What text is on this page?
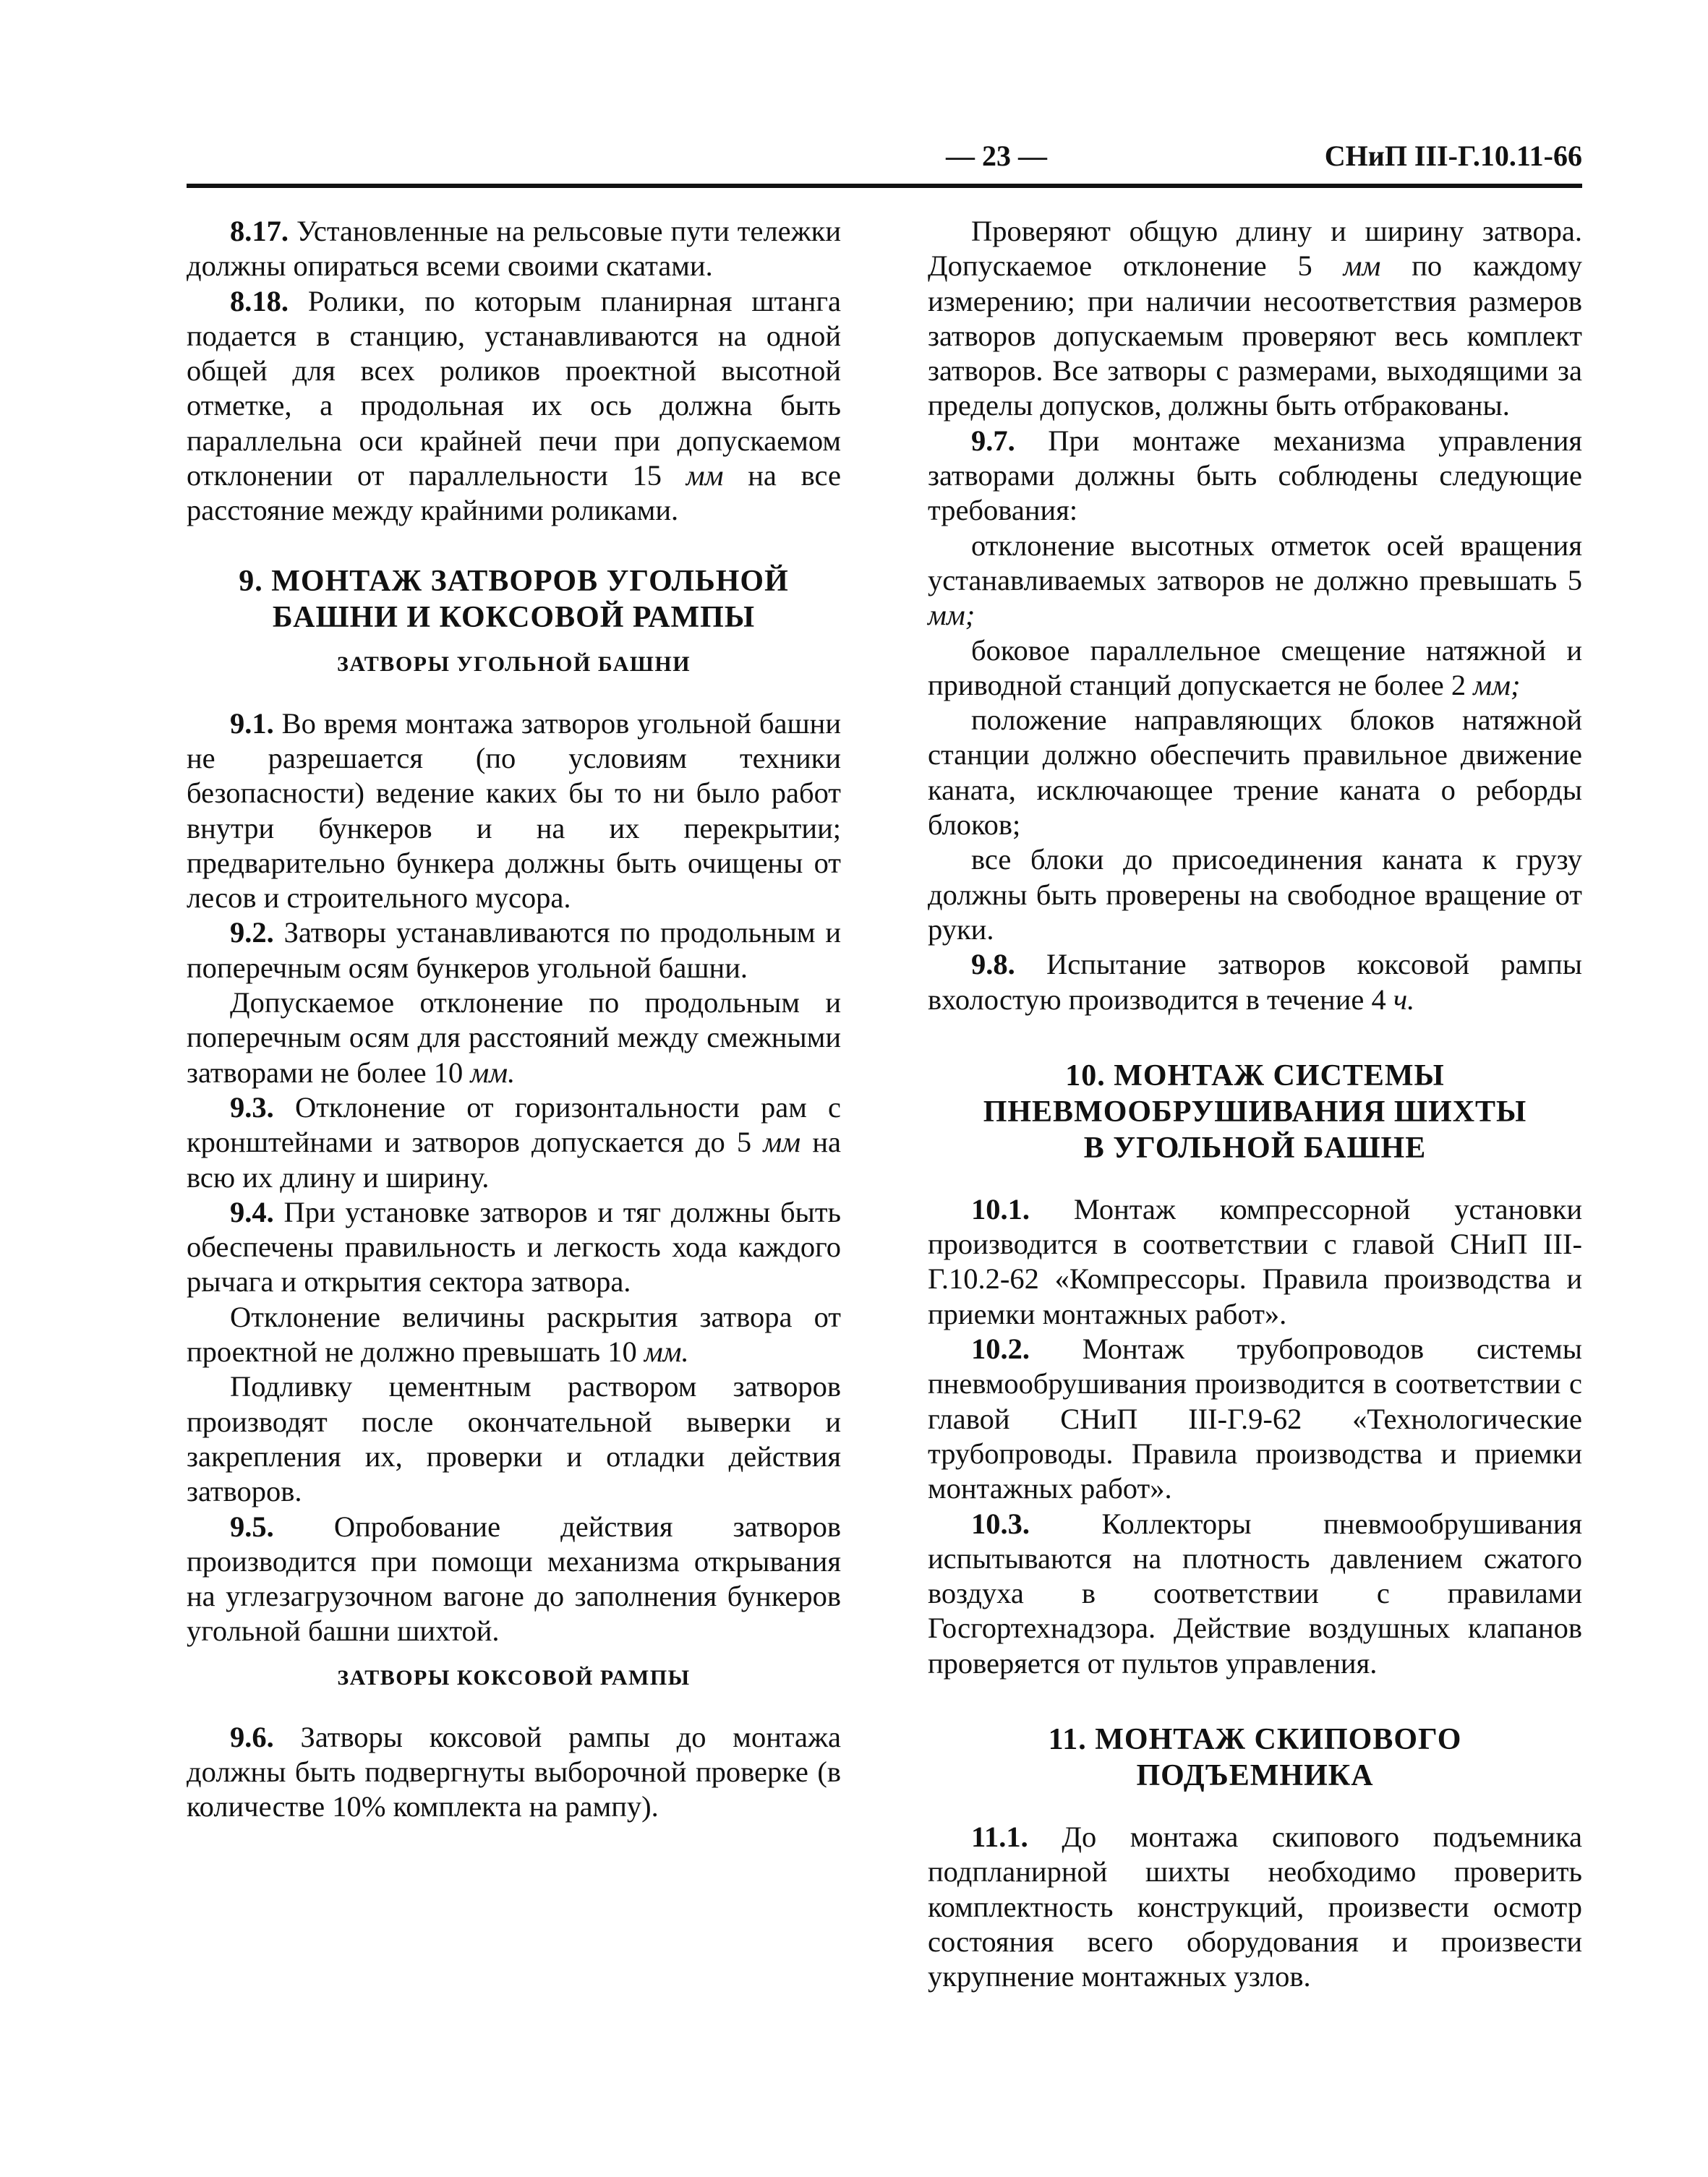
— 23 —	СНиП III-Г.10.11-66

8.17. Установленные на рельсовые пути тележки должны опираться всеми своими скатами.

8.18. Ролики, по которым планирная штанга подается в станцию, устанавливаются на одной общей для всех роликов проектной высотной отметке, а продольная их ось должна быть параллельна оси крайней печи при допускаемом отклонении от параллельности 15 мм на все расстояние между крайними роликами.

9. МОНТАЖ ЗАТВОРОВ УГОЛЬНОЙ
БАШНИ И КОКСОВОЙ РАМПЫ
ЗАТВОРЫ УГОЛЬНОЙ БАШНИ

9.1. Во время монтажа затворов угольной башни не разрешается (по условиям техники безопасности) ведение каких бы то ни было работ внутри бункеров и на их перекрытии; предварительно бункера должны быть очищены от лесов и строительного мусора.

9.2. Затворы устанавливаются по продольным и поперечным осям бункеров угольной башни.

Допускаемое отклонение по продольным и поперечным осям для расстояний между смежными затворами не более 10 мм.

9.3. Отклонение от горизонтальности рам с кронштейнами и затворов допускается до 5 мм на всю их длину и ширину.

9.4. При установке затворов и тяг должны быть обеспечены правильность и легкость хода каждого рычага и открытия сектора затвора.

Отклонение величины раскрытия затвора от проектной не должно превышать 10 мм.

Подливку цементным раствором затворов производят после окончательной выверки и закрепления их, проверки и отладки действия затворов.

9.5. Опробование действия затворов производится при помощи механизма открывания на углезагрузочном вагоне до заполнения бункеров угольной башни шихтой.

ЗАТВОРЫ КОКСОВОЙ РАМПЫ

9.6. Затворы коксовой рампы до монтажа должны быть подвергнуты выборочной проверке (в количестве 10% комплекта на рампу).

Проверяют общую длину и ширину затвора. Допускаемое отклонение 5 мм по каждому измерению; при наличии несоответствия размеров затворов допускаемым проверяют весь комплект затворов. Все затворы с размерами, выходящими за пределы допусков, должны быть отбракованы.

9.7. При монтаже механизма управления затворами должны быть соблюдены следующие требования:

отклонение высотных отметок осей вращения устанавливаемых затворов не должно превышать 5 мм;

боковое параллельное смещение натяжной и приводной станций допускается не более 2 мм;

положение направляющих блоков натяжной станции должно обеспечить правильное движение каната, исключающее трение каната о реборды блоков;

все блоки до присоединения каната к грузу должны быть проверены на свободное вращение от руки.

9.8. Испытание затворов коксовой рампы вхолостую производится в течение 4 ч.

10. МОНТАЖ СИСТЕМЫ
ПНЕВМООБРУШИВАНИЯ ШИХТЫ
В УГОЛЬНОЙ БАШНЕ

10.1. Монтаж компрессорной установки производится в соответствии с главой СНиП III-Г.10.2-62 «Компрессоры. Правила производства и приемки монтажных работ».

10.2. Монтаж трубопроводов системы пневмообрушивания производится в соответствии с главой СНиП III-Г.9-62 «Технологические трубопроводы. Правила производства и приемки монтажных работ».

10.3. Коллекторы пневмообрушивания испытываются на плотность давлением сжатого воздуха в соответствии с правилами Госгортехнадзора. Действие воздушных клапанов проверяется от пультов управления.

11. МОНТАЖ СКИПОВОГО
ПОДЪЕМНИКА

11.1. До монтажа скипового подъемника подпланирной шихты необходимо проверить комплектность конструкций, произвести осмотр состояния всего оборудования и произвести укрупнение монтажных узлов.
